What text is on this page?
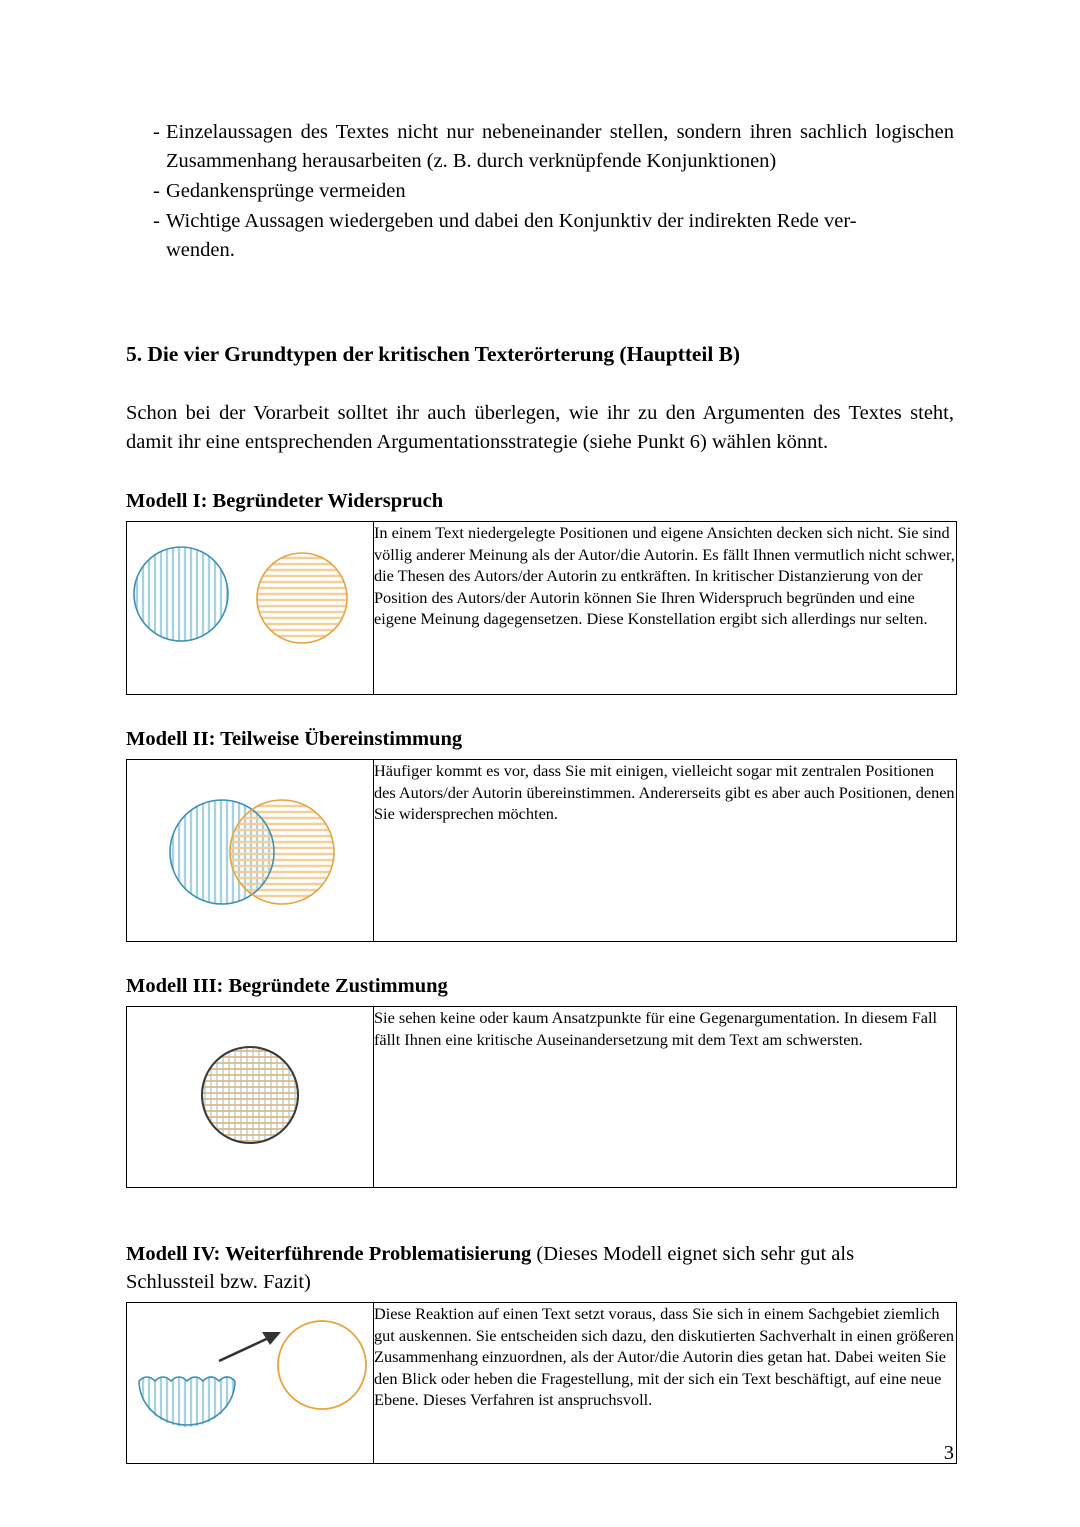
- Einzelaussagen des Textes nicht nur nebeneinander stellen, sondern ihren sachlich logischen Zusammenhang herausarbeiten (z. B. durch verknüpfende Konjunktionen)
- Gedankensprünge vermeiden
- Wichtige Aussagen wiedergeben und dabei den Konjunktiv der indirekten Rede ver-
wenden.
5. Die vier Grundtypen der kritischen Texterörterung (Hauptteil B)
Schon bei der Vorarbeit solltet ihr auch überlegen, wie ihr zu den Argumenten des Textes steht, damit ihr eine entsprechenden Argumentationsstrategie (siehe Punkt 6) wählen könnt.
Modell I: Begründeter Widerspruch
	In einem Text niedergelegte Positionen und eigene Ansichten decken sich nicht. Sie sind völlig anderer Meinung als der Autor/die Autorin. Es fällt Ihnen vermutlich nicht schwer, die Thesen des Autors/der Autorin zu entkräften. In kritischer Distanzierung von der Position des Autors/der Autorin können Sie Ihren Widerspruch begründen und eine eigene Meinung dagegensetzen. Diese Konstellation ergibt sich allerdings nur selten.
Modell II: Teilweise Übereinstimmung
	Häufiger kommt es vor, dass Sie mit einigen, vielleicht sogar mit zentralen Positionen des Autors/der Autorin übereinstimmen. Andererseits gibt es aber auch Positionen, denen Sie widersprechen möchten.
Modell III: Begründete Zustimmung
	Sie sehen keine oder kaum Ansatzpunkte für eine Gegenargumentation. In diesem Fall fällt Ihnen eine kritische Auseinandersetzung mit dem Text am schwersten.
Modell IV: Weiterführende Problematisierung (Dieses Modell eignet sich sehr gut als
Schlussteil bzw. Fazit)
	Diese Reaktion auf einen Text setzt voraus, dass Sie sich in einem Sachgebiet ziemlich gut auskennen. Sie entscheiden sich dazu, den diskutierten Sachverhalt in einen größeren Zusammenhang einzuordnen, als der Autor/die Autorin dies getan hat. Dabei weiten Sie den Blick oder heben die Fragestellung, mit der sich ein Text beschäftigt, auf eine neue Ebene. Dieses Verfahren ist anspruchsvoll.
3
